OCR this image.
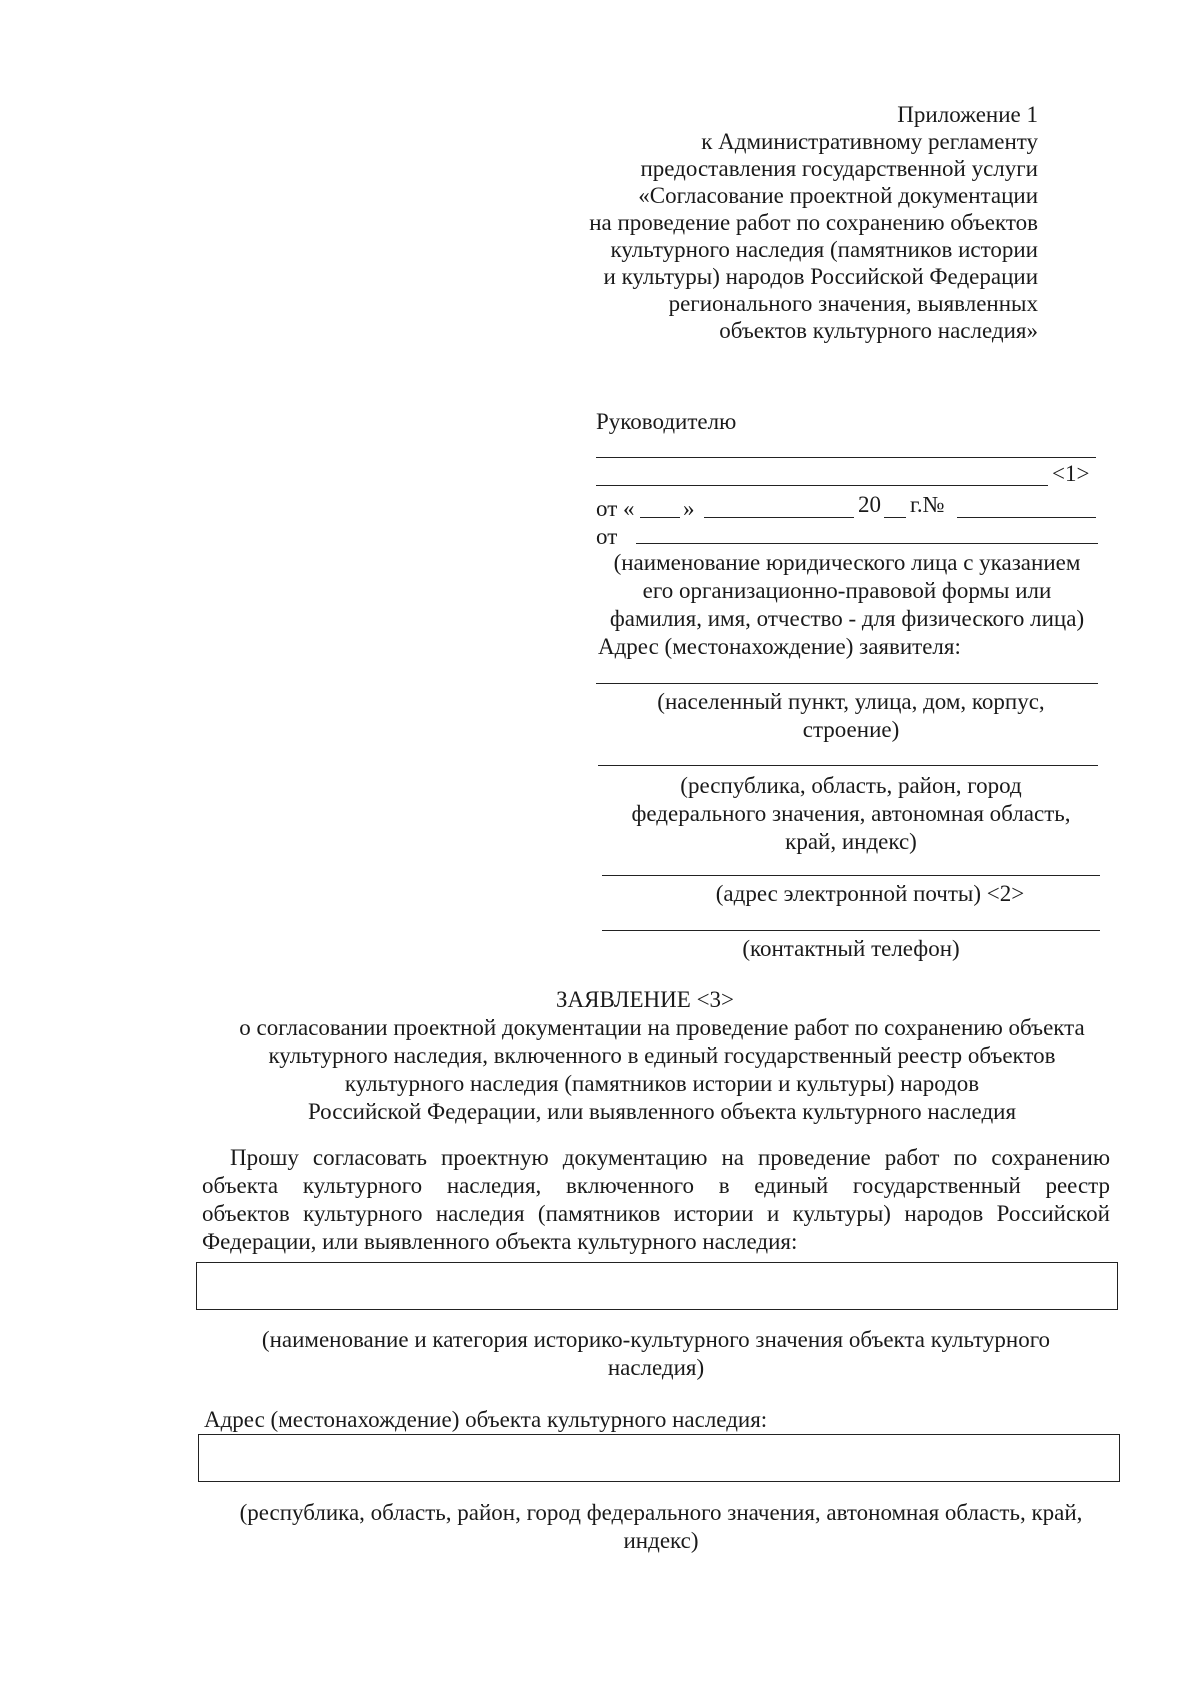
Приложение 1
к Административному регламенту
предоставления государственной услуги
«Согласование проектной документации
на проведение работ по сохранению объектов
культурного наследия (памятников истории
и культуры) народов Российской Федерации
регионального значения, выявленных
объектов культурного наследия»
Руководителю
<1>
от « »	20 г.№
от
(наименование юридического лица с указанием
его организационно-правовой формы или
фамилия, имя, отчество - для физического лица)
Адрес (местонахождение) заявителя:
(населенный пункт, улица, дом, корпус,
строение)
(республика, область, район, город
федерального значения, автономная область,
край, индекс)
(адрес электронной почты) <2>
(контактный телефон)
ЗАЯВЛЕНИЕ <3>
о согласовании проектной документации на проведение работ по сохранению объекта
культурного наследия, включенного в единый государственный реестр объектов
культурного наследия (памятников истории и культуры) народов
Российской Федерации, или выявленного объекта культурного наследия
Прошу согласовать проектную документацию на проведение работ по сохранению
объекта культурного наследия, включенного в единый государственный реестр
объектов культурного наследия (памятников истории и культуры) народов Российской
Федерации, или выявленного объекта культурного наследия:
(наименование и категория историко-культурного значения объекта культурного
наследия)
Адрес (местонахождение) объекта культурного наследия:
(республика, область, район, город федерального значения, автономная область, край,
индекс)
